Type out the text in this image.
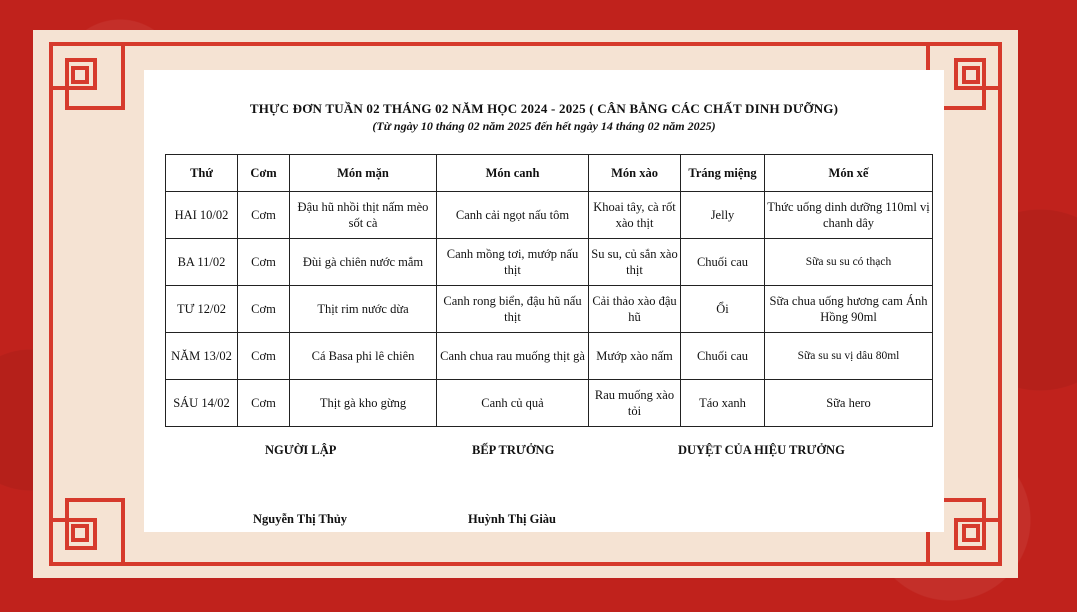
THỰC ĐƠN TUẦN 02 THÁNG 02 NĂM HỌC 2024 - 2025 ( CÂN BẰNG CÁC CHẤT DINH DƯỠNG)
(Từ ngày 10 tháng 02 năm 2025 đến hết ngày 14 tháng 02 năm 2025)
Thứ	Cơm	Món mặn	Món canh	Món xào	Tráng miệng	Món xế
HAI 10/02	Cơm	Đậu hũ nhồi thịt nấm mèo sốt cà	Canh cải ngọt nấu tôm	Khoai tây, cà rốt xào thịt	Jelly	Thức uống dinh dưỡng 110ml vị chanh dây
BA 11/02	Cơm	Đùi gà chiên nước mắm	Canh mồng tơi, mướp nấu thịt	Su su, củ sắn xào thịt	Chuối cau	Sữa su su có thạch
TƯ 12/02	Cơm	Thịt rim nước dừa	Canh rong biển, đậu hũ nấu thịt	Cải thảo xào đậu hũ	Ổi	Sữa chua uống hương cam Ánh Hồng 90ml
NĂM 13/02	Cơm	Cá Basa phi lê chiên	Canh chua rau muống thịt gà	Mướp xào nấm	Chuối cau	Sữa su su vị dâu 80ml
SÁU 14/02	Cơm	Thịt gà kho gừng	Canh củ quả	Rau muống xào tỏi	Táo xanh	Sữa hero
NGƯỜI LẬP	BẾP TRƯỞNG	DUYỆT CỦA HIỆU TRƯỞNG
Nguyễn Thị Thủy	Huỳnh Thị Giàu
